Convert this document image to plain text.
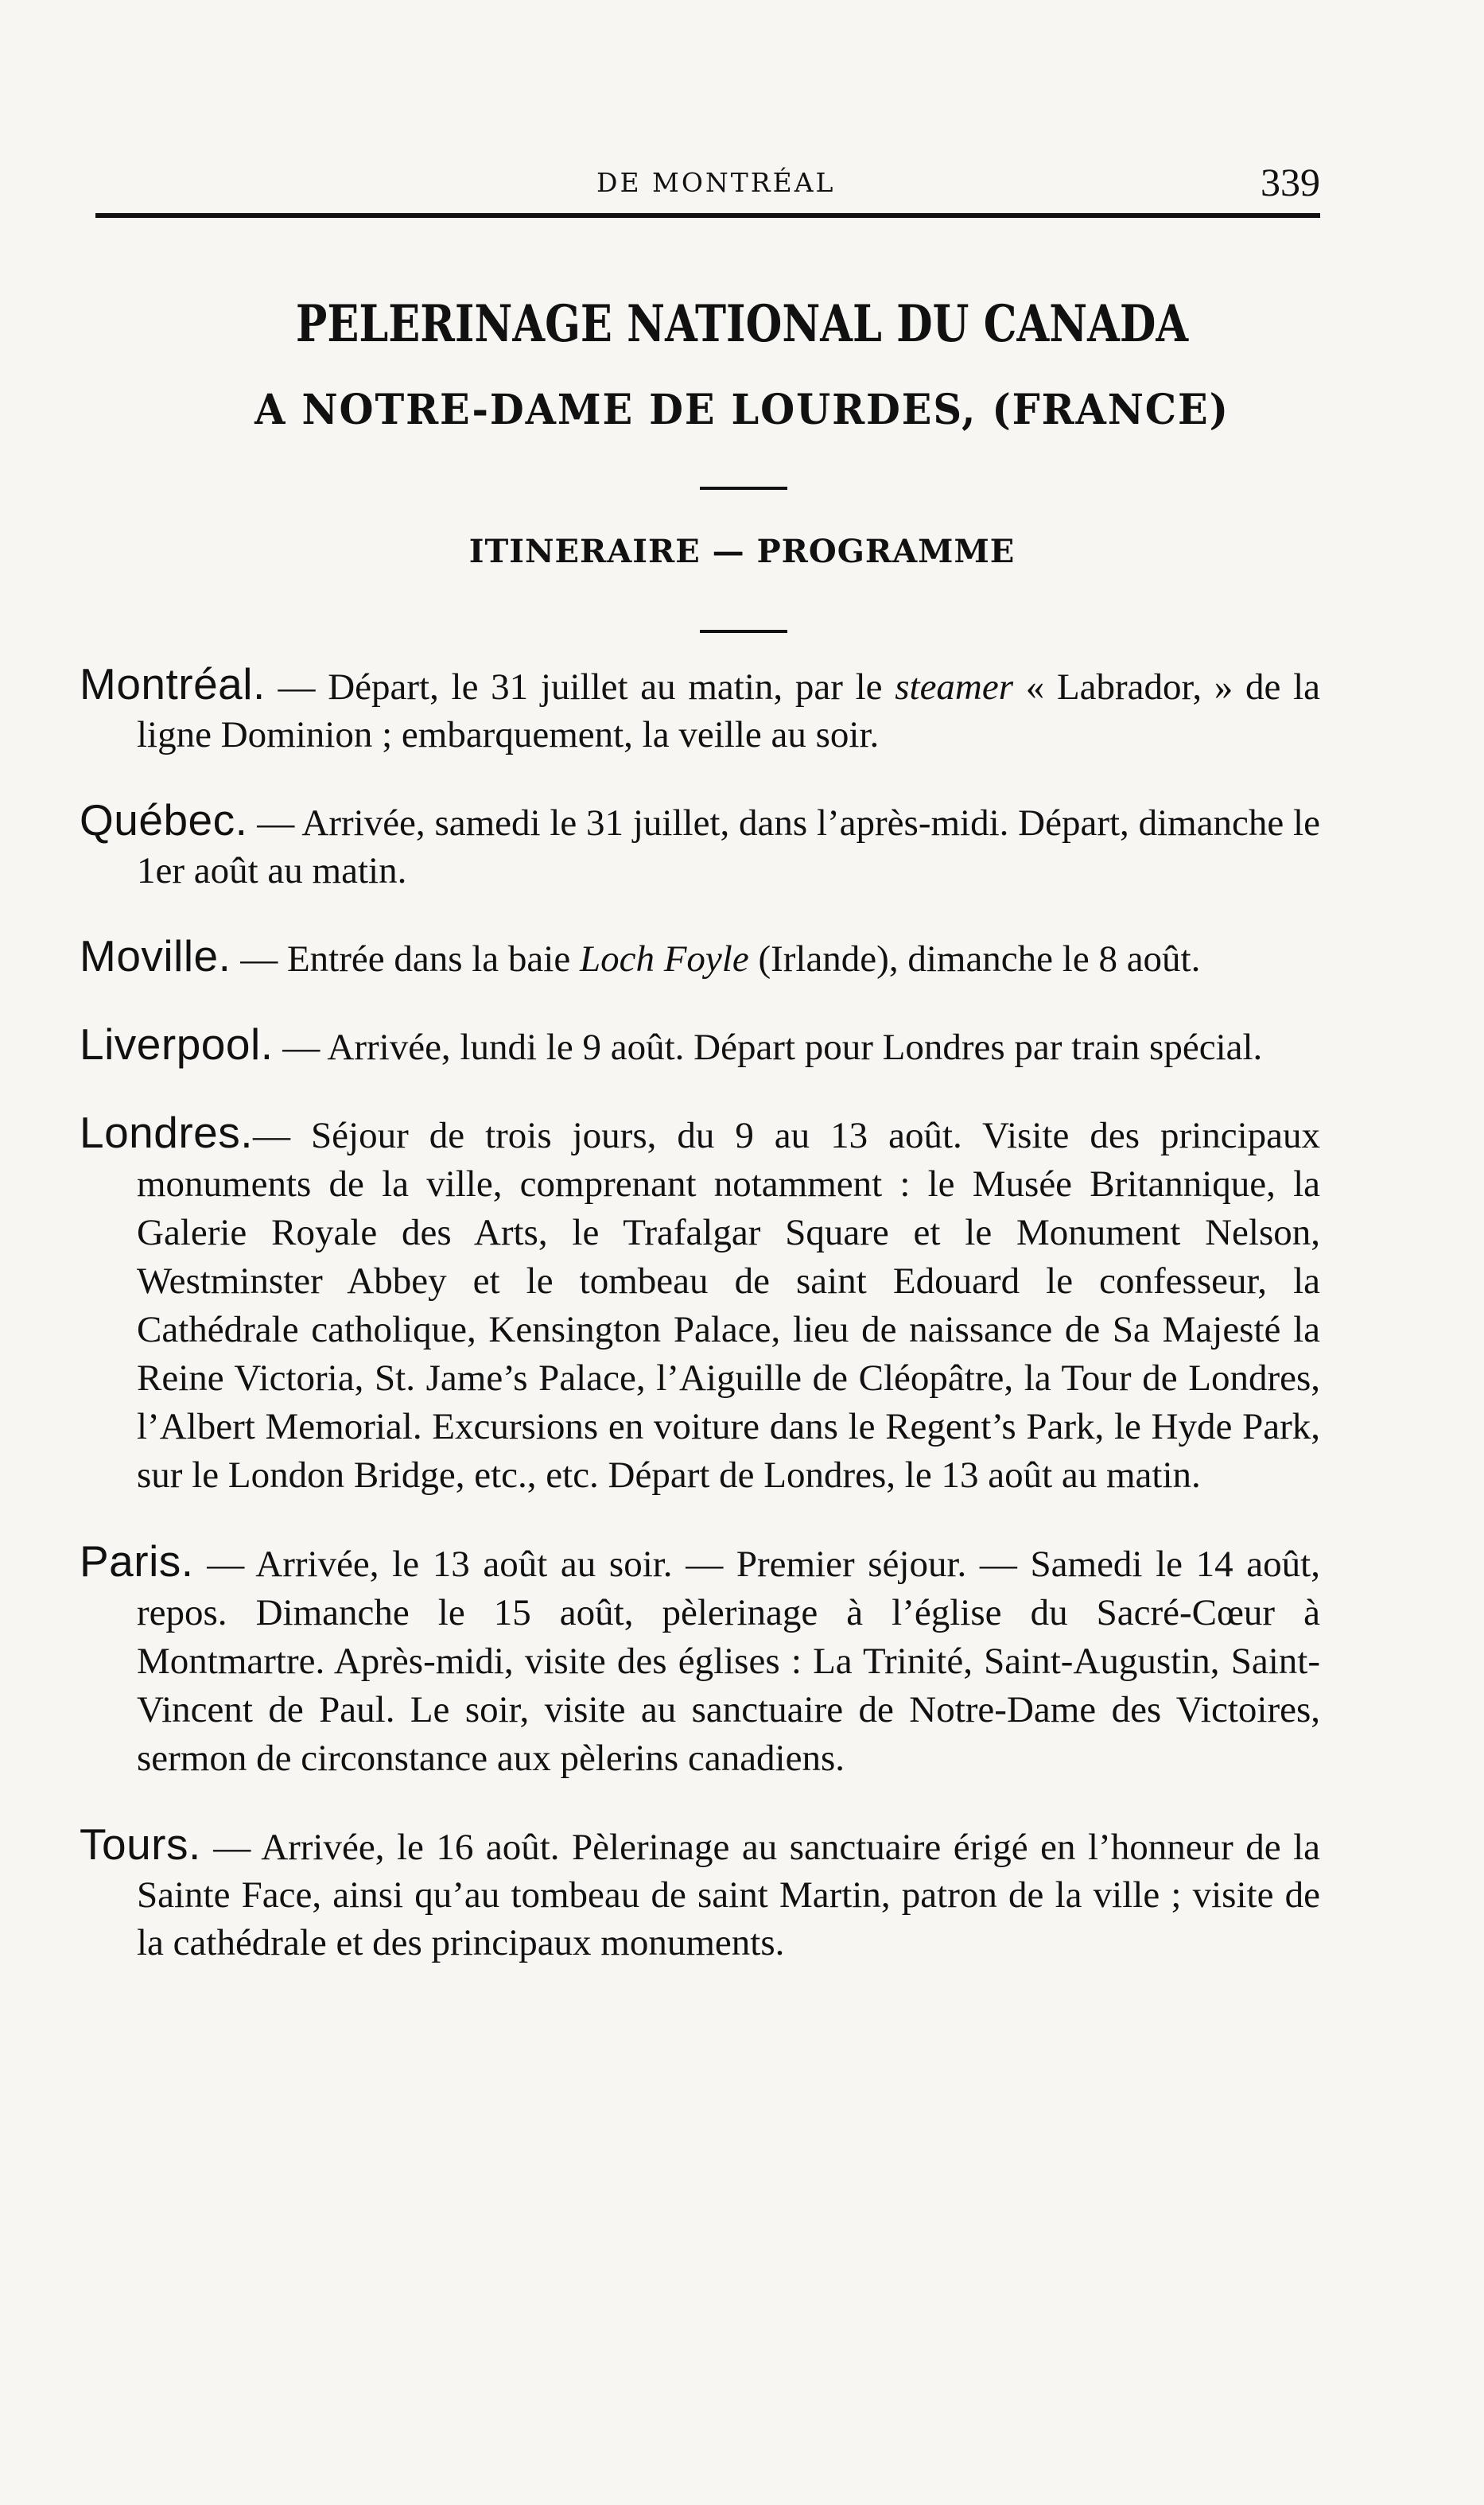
DE MONTRÉAL	339
PELERINAGE NATIONAL DU CANADA
A NOTRE-DAME DE LOURDES, (FRANCE)
ITINERAIRE — PROGRAMME

Montréal. — Départ, le 31 juillet au matin, par le steamer « Labrador, » de la ligne Dominion ; embarquement, la veille au soir.

Québec. — Arrivée, samedi le 31 juillet, dans l’après-midi. Départ, dimanche le 1er août au matin.

Moville. — Entrée dans la baie Loch Foyle (Irlande), dimanche le 8 août.

Liverpool. — Arrivée, lundi le 9 août. Départ pour Londres par train spécial.

Londres.— Séjour de trois jours, du 9 au 13 août. Visite des principaux monuments de la ville, comprenant notamment : le Musée Britannique, la Galerie Royale des Arts, le Trafalgar Square et le Monument Nelson, Westminster Abbey et le tombeau de saint Edouard le confesseur, la Cathédrale catholique, Kensington Palace, lieu de naissance de Sa Majesté la Reine Victoria, St. Jame’s Palace, l’Aiguille de Cléopâtre, la Tour de Londres, l’Albert Memorial. Excursions en voiture dans le Regent’s Park, le Hyde Park, sur le London Bridge, etc., etc. Départ de Londres, le 13 août au matin.

Paris. — Arrivée, le 13 août au soir. — Premier séjour. — Samedi le 14 août, repos. Dimanche le 15 août, pèlerinage à l’église du Sacré-Cœur à Montmartre. Après-midi, visite des églises : La Trinité, Saint-Augustin, Saint-Vincent de Paul. Le soir, visite au sanctuaire de Notre-Dame des Victoires, sermon de circonstance aux pèlerins canadiens.

Tours. — Arrivée, le 16 août. Pèlerinage au sanctuaire érigé en l’honneur de la Sainte Face, ainsi qu’au tombeau de saint Martin, patron de la ville ; visite de la cathédrale et des principaux monuments.
